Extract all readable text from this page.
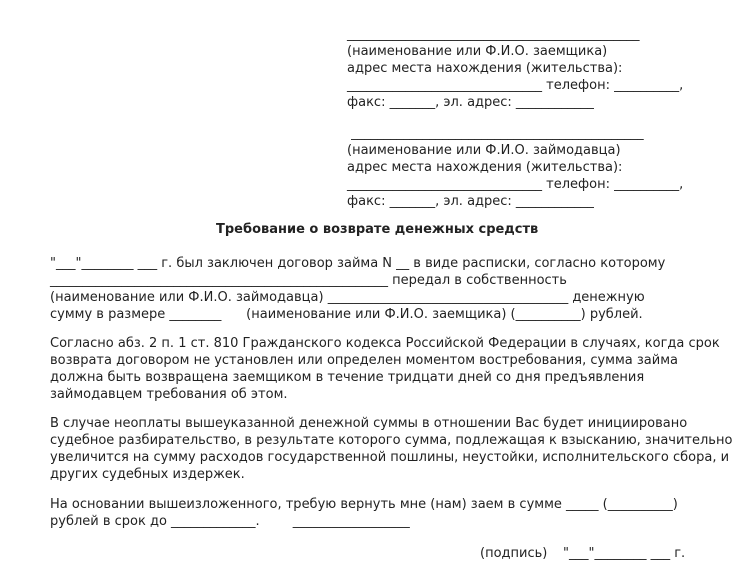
_____________________________________________
(наименование или Ф.И.О. заемщика)
адрес места нахождения (жительства):
______________________________ телефон: __________,
факс: _______, эл. адрес: ____________
_____________________________________________
(наименование или Ф.И.О. займодавца)
адрес места нахождения (жительства):
______________________________ телефон: __________,
факс: _______, эл. адрес: ____________
Требование о возврате денежных средств
"___"________ ___ г. был заключен договор займа N __ в виде расписки, согласно которому
____________________________________________________ передал в собственность
(наименование или Ф.И.О. займодавца) _____________________________________ денежную
сумму в размере ________      (наименование или Ф.И.О. заемщика) (__________) рублей.
Согласно абз. 2 п. 1 ст. 810 Гражданского кодекса Российской Федерации в случаях, когда срок
возврата договором не установлен или определен моментом востребования, сумма займа
должна быть возвращена заемщиком в течение тридцати дней со дня предъявления
займодавцем требования об этом.
В случае неоплаты вышеуказанной денежной суммы в отношении Вас будет инициировано
судебное разбирательство, в результате которого сумма, подлежащая к взысканию, значительно
увеличится на сумму расходов государственной пошлины, неустойки, исполнительского сбора, и
других судебных издержек.
На основании вышеизложенного, требую вернуть мне (нам) заем в сумме _____ (__________)
рублей в срок до _____________.        __________________
(подпись) "___"________ ___ г.
